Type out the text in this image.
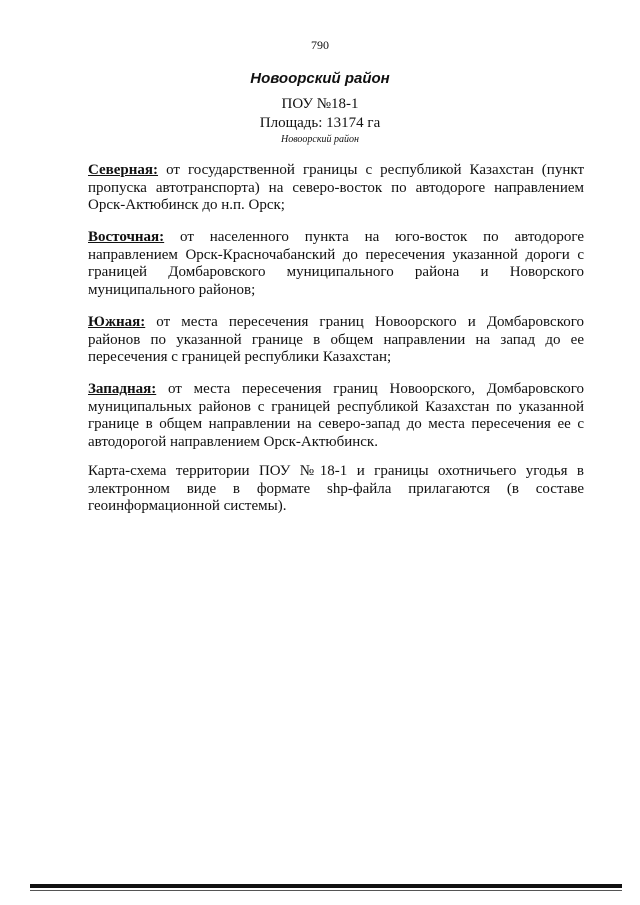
790
Новоорский район
ПОУ №18-1
Площадь: 13174 га
Новоорский район

Северная: от государственной границы с республикой Казахстан (пункт пропуска автотранспорта) на северо-восток по автодороге направлением Орск-Актюбинск до н.п. Орск;

Восточная: от населенного пункта на юго-восток по автодороге направлением Орск-Красночабанский до пересечения указанной дороги с границей Домбаровского муниципального района и Новорского муниципального районов;

Южная: от места пересечения границ Новоорского и Домбаровского районов по указанной границе в общем направлении на запад до ее пересечения с границей республики Казахстан;

Западная: от места пересечения границ Новоорского, Домбаровского муниципальных районов с границей республикой Казахстан по указанной границе в общем направлении на северо-запад до места пересечения ее с автодорогой направлением Орск-Актюбинск.

Карта-схема территории ПОУ №18-1 и границы охотничьего угодья в электронном виде в формате shp-файла прилагаются (в составе геоинформационной системы).
